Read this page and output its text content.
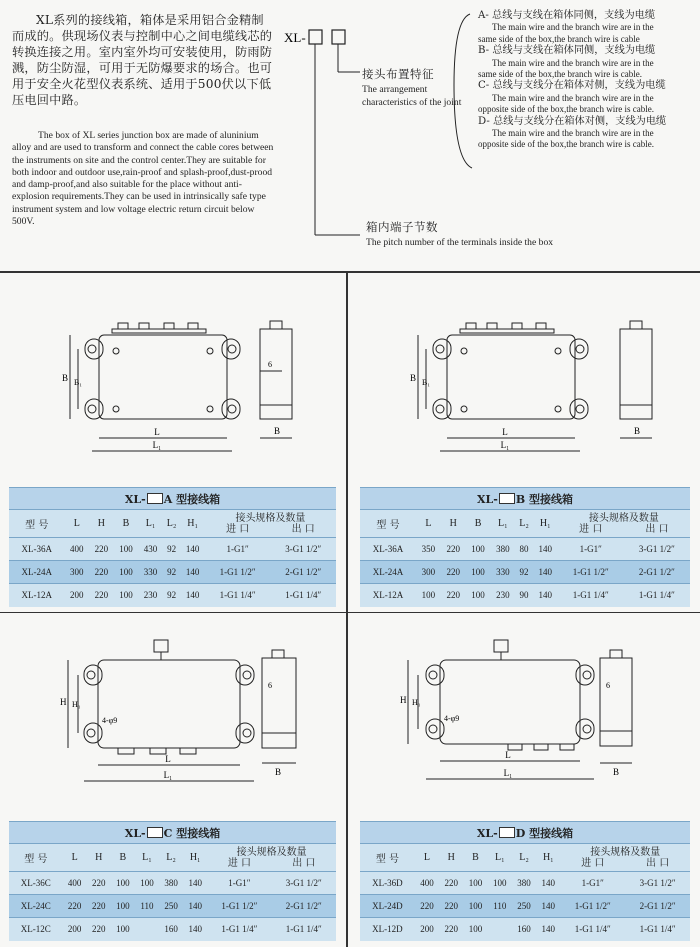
XL系列的接线箱，箱体是采用铝合金精制而成的。供现场仪表与控制中心之间电缆线芯的转换连接之用。室内室外均可安装使用，防雨防溅，防尘防湿，可用于无防爆要求的场合。也可用于安全火花型仪表系统、适用于500伏以下低压电回中路。
The box of XL series junction box are made of aluninium alloy and are used to transform and connect the cable cores between the instruments on site and the control center.They are suitable for both indoor and outdoor use,rain-proof and splash-proof,dust-prood and damp-proof,and also suitable for the place without anti-explosion requirements.They can be used in intrinsically safe type instrument system and low voltage electric return circuit below 500V.
XL-
接头布置特征
The arrangement characteristics of the joint
箱内端子节数
The pitch number of the terminals inside the box
A- 总线与支线在箱体同侧，支线为电缆
The main wire and the branch wire are in the
same side of the box,the branch wire is cable
B- 总线与支线在箱体同侧，支线为电缆
The main wire and the branch wire are in the
same side of the box,the branch wire is cable.
C- 总线与支线分在箱体对侧，支线为电缆
The main wire and the branch wire are in the
opposite side of the box,the branch wire is cable.
D- 总线与支线分在箱体对侧，支线为电缆
The main wire and the branch wire are in the
opposite side of the box,the branch wire is cable.
L
L₁
B B₁
B
6
XL- A 型接线箱								
型 号	L	H	B	L₁	L₂	H₁	接头规格及数量
进 口 出 口	

XL-36A	400	220	100	430	92	140	1-G1″	3-G1 1/2″
XL-24A	300	220	100	330	92	140	1-G1 1/2″	2-G1 1/2″
XL-12A	200	220	100	230	92	140	1-G1 1/4″	1-G1 1/4″
L
L₁
B B₁
B
XL- B 型接线箱								
型 号	L	H	B	L₁	L₂	H₁	接头规格及数量
进 口 出 口	

XL-36A	350	220	100	380	80	140	1-G1″	3-G1 1/2″
XL-24A	300	220	100	330	92	140	1-G1 1/2″	2-G1 1/2″
XL-12A	100	220	100	230	90	140	1-G1 1/4″	1-G1 1/4″
L
L₁
H H₁
4-φ9
B
6
XL- C 型接线箱								
型 号	L	H	B	L₁	L₂	H₁	接头规格及数量
进 口 出 口	

XL-36C	400	220	100	100	380	140	1-G1″	3-G1 1/2″
XL-24C	220	220	100	110	250	140	1-G1 1/2″	2-G1 1/2″
XL-12C	200	220	100		160	140	1-G1 1/4″	1-G1 1/4″
L
L₁
H H₁
4-φ9
B
6
XL- D 型接线箱								
型 号	L	H	B	L₁	L₂	H₁	接头规格及数量
进 口 出 口	

XL-36D	400	220	100	100	380	140	1-G1″	3-G1 1/2″
XL-24D	220	220	100	110	250	140	1-G1 1/2″	2-G1 1/2″
XL-12D	200	220	100		160	140	1-G1 1/4″	1-G1 1/4″
